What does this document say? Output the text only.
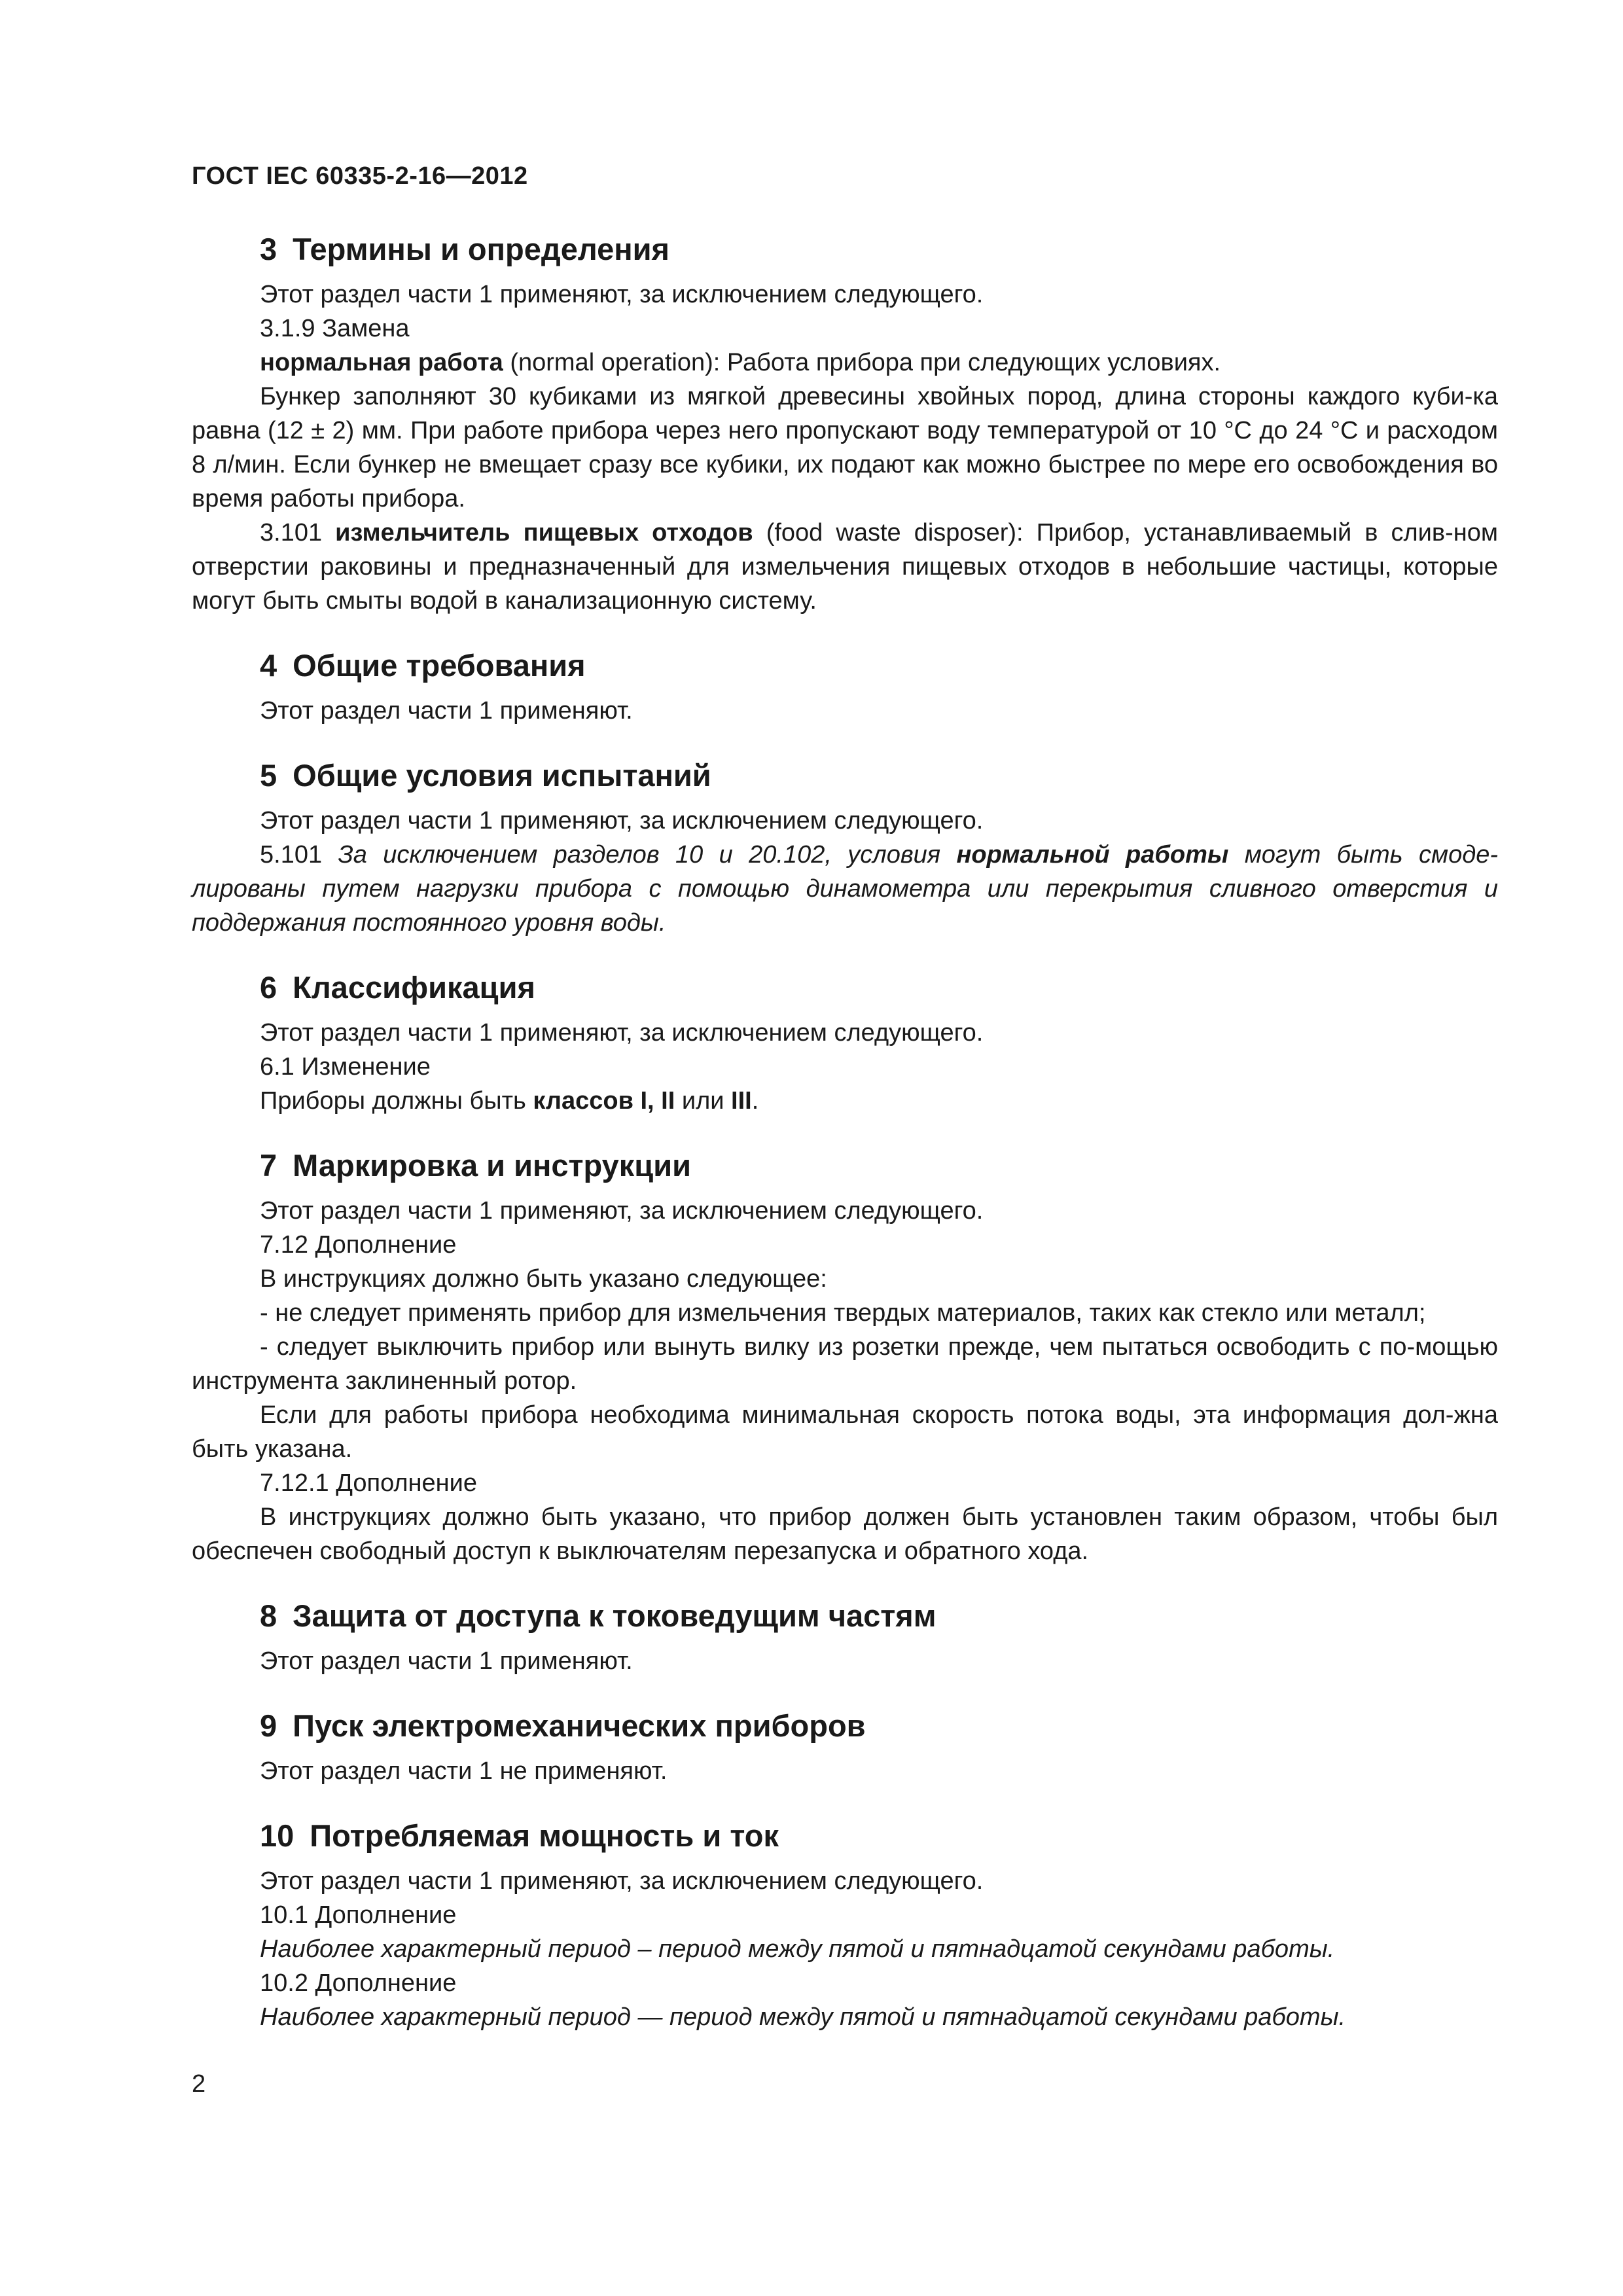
ГОСТ IEC 60335-2-16—2012
3 Термины и определения

Этот раздел части 1 применяют, за исключением следующего.

3.1.9 Замена

нормальная работа (normal operation): Работа прибора при следующих условиях.

Бункер заполняют 30 кубиками из мягкой древесины хвойных пород, длина стороны каждого куби-ка равна (12 ± 2) мм. При работе прибора через него пропускают воду температурой от 10 °С до 24 °С и расходом 8 л/мин. Если бункер не вмещает сразу все кубики, их подают как можно быстрее по мере его освобождения во время работы прибора.

3.101 измельчитель пищевых отходов (food waste disposer): Прибор, устанавливаемый в слив-ном отверстии раковины и предназначенный для измельчения пищевых отходов в небольшие частицы, которые могут быть смыты водой в канализационную систему.

4 Общие требования

Этот раздел части 1 применяют.

5 Общие условия испытаний

Этот раздел части 1 применяют, за исключением следующего.

5.101 За исключением разделов 10 и 20.102, условия нормальной работы могут быть смоде-лированы путем нагрузки прибора с помощью динамометра или перекрытия сливного отверстия и поддержания постоянного уровня воды.

6 Классификация

Этот раздел части 1 применяют, за исключением следующего.

6.1 Изменение

Приборы должны быть классов I, II или III.

7 Маркировка и инструкции

Этот раздел части 1 применяют, за исключением следующего.

7.12 Дополнение

В инструкциях должно быть указано следующее:

- не следует применять прибор для измельчения твердых материалов, таких как стекло или металл;

- следует выключить прибор или вынуть вилку из розетки прежде, чем пытаться освободить с по-мощью инструмента заклиненный ротор.

Если для работы прибора необходима минимальная скорость потока воды, эта информация дол-жна быть указана.

7.12.1 Дополнение

В инструкциях должно быть указано, что прибор должен быть установлен таким образом, чтобы был обеспечен свободный доступ к выключателям перезапуска и обратного хода.

8 Защита от доступа к токоведущим частям

Этот раздел части 1 применяют.

9 Пуск электромеханических приборов

Этот раздел части 1 не применяют.

10 Потребляемая мощность и ток

Этот раздел части 1 применяют, за исключением следующего.

10.1 Дополнение

Наиболее характерный период – период между пятой и пятнадцатой секундами работы.

10.2 Дополнение

Наиболее характерный период — период между пятой и пятнадцатой секундами работы.

2
